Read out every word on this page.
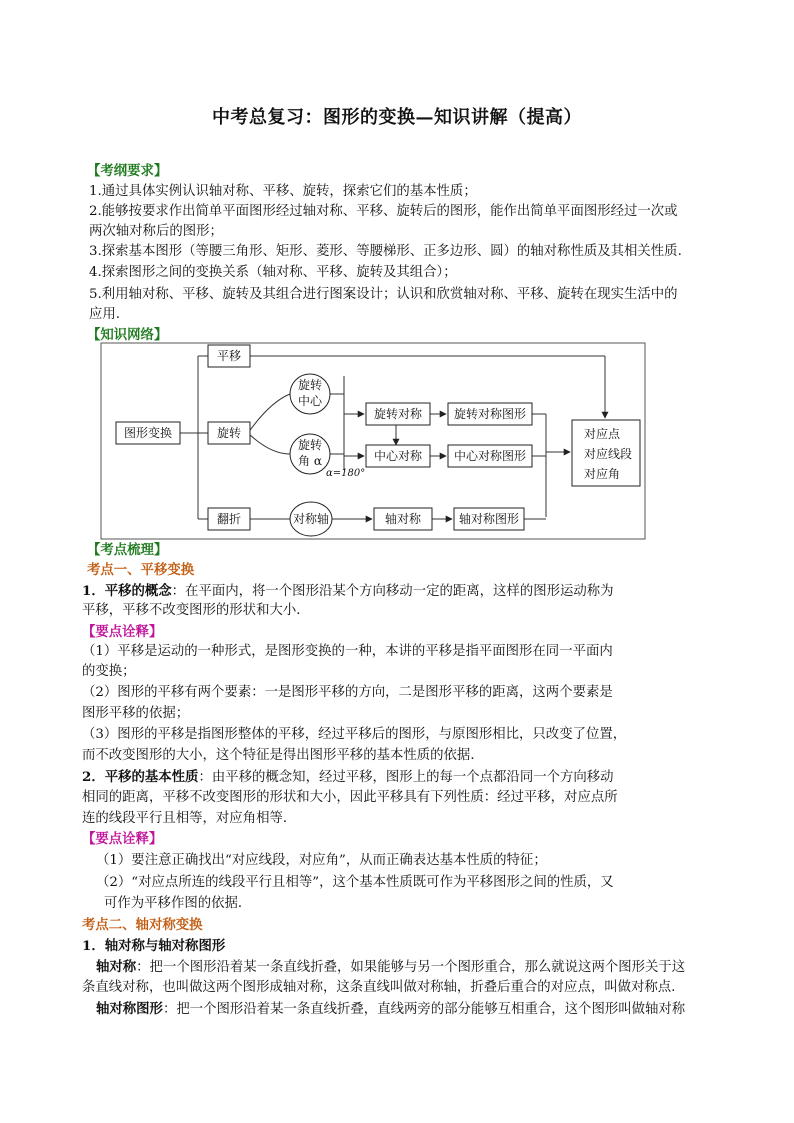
中考总复习：图形的变换—知识讲解（提高）
【考纲要求】
1.通过具体实例认识轴对称、平移、旋转，探索它们的基本性质；
2.能够按要求作出简单平面图形经过轴对称、平移、旋转后的图形，能作出简单平面图形经过一次或
两次轴对称后的图形；
3.探索基本图形（等腰三角形、矩形、菱形、等腰梯形、正多边形、圆）的轴对称性质及其相关性质.
4.探索图形之间的变换关系（轴对称、平移、旋转及其组合）；
5.利用轴对称、平移、旋转及其组合进行图案设计；认识和欣赏轴对称、平移、旋转在现实生活中的
应用.
【知识网络】
图形变换
平移
旋转
翻折
旋转
中心
旋转
角 α
α=180°
对称轴
旋转对称	旋转对称图形
中心对称	中心对称图形
轴对称	轴对称图形
对应点
对应线段
对应角
【考点梳理】
考点一、平移变换
1．平移的概念：在平面内，将一个图形沿某个方向移动一定的距离，这样的图形运动称为
平移，平移不改变图形的形状和大小．
【要点诠释】
（1）平移是运动的一种形式，是图形变换的一种，本讲的平移是指平面图形在同一平面内
的变换；
（2）图形的平移有两个要素：一是图形平移的方向，二是图形平移的距离，这两个要素是
图形平移的依据；
（3）图形的平移是指图形整体的平移，经过平移后的图形，与原图形相比，只改变了位置，
而不改变图形的大小，这个特征是得出图形平移的基本性质的依据．
2．平移的基本性质：由平移的概念知，经过平移，图形上的每一个点都沿同一个方向移动
相同的距离，平移不改变图形的形状和大小，因此平移具有下列性质：经过平移，对应点所
连的线段平行且相等，对应角相等．
【要点诠释】
（1）要注意正确找出“对应线段，对应角”，从而正确表达基本性质的特征；
（2）“对应点所连的线段平行且相等”，这个基本性质既可作为平移图形之间的性质，又
可作为平移作图的依据．
考点二、轴对称变换
1．轴对称与轴对称图形
轴对称：把一个图形沿着某一条直线折叠，如果能够与另一个图形重合，那么就说这两个图形关于这
条直线对称，也叫做这两个图形成轴对称，这条直线叫做对称轴，折叠后重合的对应点，叫做对称点.
轴对称图形：把一个图形沿着某一条直线折叠，直线两旁的部分能够互相重合，这个图形叫做轴对称
